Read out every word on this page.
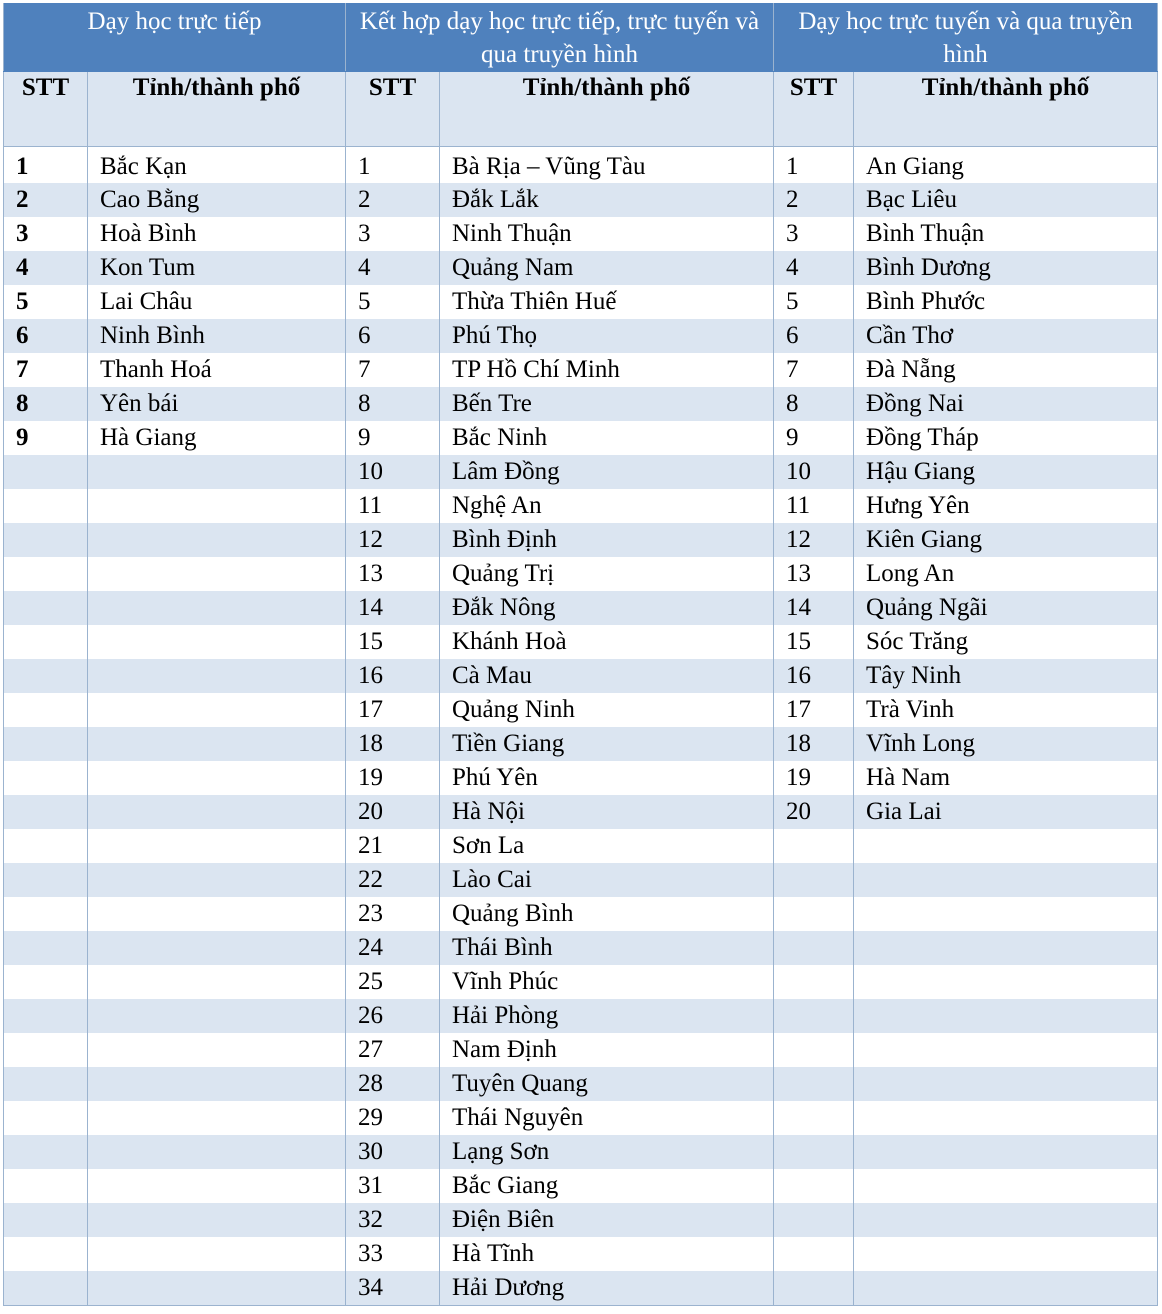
Dạy học trực tiếp		Kết hợp dạy học trực tiếp, trực tuyến và qua truyền hình		Dạy học trực tuyến và qua truyền hình	
STT	Tỉnh/thành phố	STT	Tỉnh/thành phố	STT	Tỉnh/thành phố
1	Bắc Kạn	1	Bà Rịa – Vũng Tàu	1	An Giang
2	Cao Bằng	2	Đắk Lắk	2	Bạc Liêu
3	Hoà Bình	3	Ninh Thuận	3	Bình Thuận
4	Kon Tum	4	Quảng Nam	4	Bình Dương
5	Lai Châu	5	Thừa Thiên Huế	5	Bình Phước
6	Ninh Bình	6	Phú Thọ	6	Cần Thơ
7	Thanh Hoá	7	TP Hồ Chí Minh	7	Đà Nẵng
8	Yên bái	8	Bến Tre	8	Đồng Nai
9	Hà Giang	9	Bắc Ninh	9	Đồng Tháp
		10	Lâm Đồng	10	Hậu Giang
		11	Nghệ An	11	Hưng Yên
		12	Bình Định	12	Kiên Giang
		13	Quảng Trị	13	Long An
		14	Đắk Nông	14	Quảng Ngãi
		15	Khánh Hoà	15	Sóc Trăng
		16	Cà Mau	16	Tây Ninh
		17	Quảng Ninh	17	Trà Vinh
		18	Tiền Giang	18	Vĩnh Long
		19	Phú Yên	19	Hà Nam
		20	Hà Nội	20	Gia Lai
		21	Sơn La		
		22	Lào Cai		
		23	Quảng Bình		
		24	Thái Bình		
		25	Vĩnh Phúc		
		26	Hải Phòng		
		27	Nam Định		
		28	Tuyên Quang		
		29	Thái Nguyên		
		30	Lạng Sơn		
		31	Bắc Giang		
		32	Điện Biên		
		33	Hà Tĩnh		
		34	Hải Dương		
